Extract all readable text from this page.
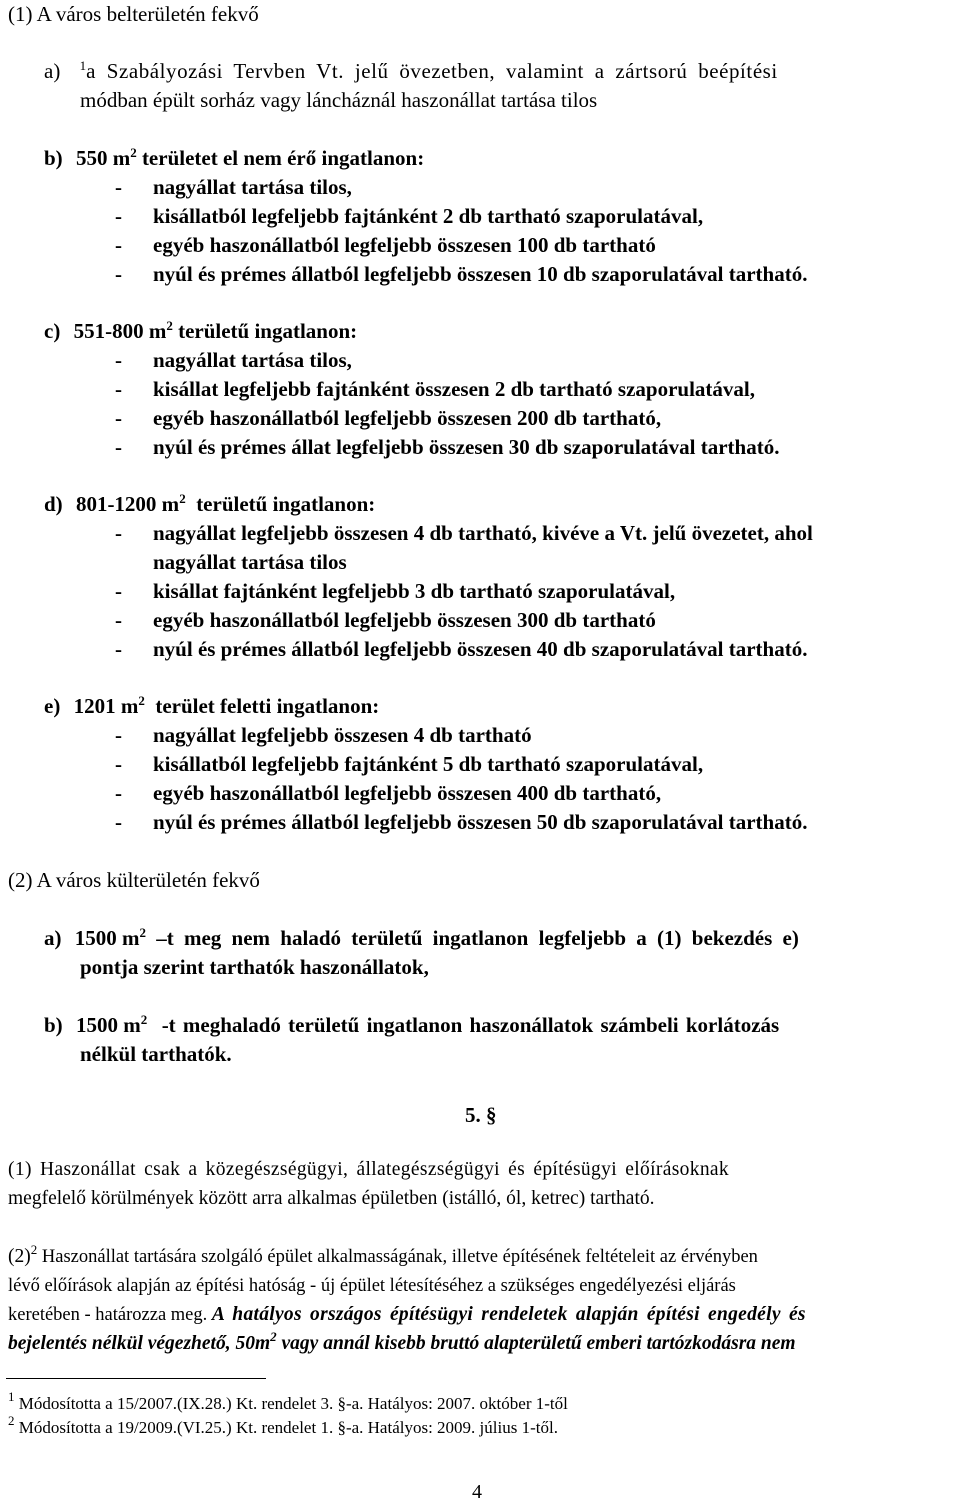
(1) A város belterületén fekvő
a) $^1$a Szabályozási Tervben Vt. jelű övezetben, valamint a zártsorú beépítési
módban épült sorház vagy láncháznál haszonállat tartása tilos
b) 550 $m^2$ területet el nem érő ingatlanon:
- nagyállat tartása tilos,
- kisállatból legfeljebb fajtánként 2 db tartható szaporulatával,
- egyéb haszonállatból legfeljebb összesen 100 db tartható
- nyúl és prémes állatból legfeljebb összesen 10 db szaporulatával tartható.
c) 551-800 $m^2$ területű ingatlanon:
- nagyállat tartása tilos,
- kisállat legfeljebb fajtánként összesen 2 db tartható szaporulatával,
- egyéb haszonállatból legfeljebb összesen 200 db tartható,
- nyúl és prémes állat legfeljebb összesen 30 db szaporulatával tartható.
d) 801-1200 $m^2$  területű ingatlanon:
- nagyállat legfeljebb összesen 4 db tartható, kivéve a Vt. jelű övezetet, ahol
nagyállat tartása tilos
- kisállat fajtánként legfeljebb 3 db tartható szaporulatával,
- egyéb haszonállatból legfeljebb összesen 300 db tartható
- nyúl és prémes állatból legfeljebb összesen 40 db szaporulatával tartható.
e) 1201 $m^2$  terület feletti ingatlanon:
- nagyállat legfeljebb összesen 4 db tartható
- kisállatból legfeljebb fajtánként 5 db tartható szaporulatával,
- egyéb haszonállatból legfeljebb összesen 400 db tartható,
- nyúl és prémes állatból legfeljebb összesen 50 db szaporulatával tartható.
(2) A város külterületén fekvő
a) 1500 $m^2$ –t meg nem haladó területű ingatlanon legfeljebb a (1) bekezdés e)
pontja szerint tarthatók haszonállatok,
b) 1500 $m^2$  -t meghaladó területű ingatlanon haszonállatok számbeli korlátozás
nélkül tarthatók.
5. §
(1) Haszonállat csak a közegészségügyi, állategészségügyi és építésügyi előírásoknak
megfelelő körülmények között arra alkalmas épületben (istálló, ól, ketrec) tartható.
$(2)^2$ Haszonállat tartására szolgáló épület alkalmasságának, illetve építésének feltételeit az érvényben
lévő előírások alapján az építési hatóság - új épület létesítéséhez a szükséges engedélyezési eljárás
keretében - határozza meg. A hatályos országos építésügyi rendeletek alapján építési engedély és
bejelentés nélkül végezhető, $50m^2$ vagy annál kisebb bruttó alapterületű emberi tartózkodásra nem
$^1$ Módosította a 15/2007.(IX.28.) Kt. rendelet 3. §-a. Hatályos: 2007. október 1-től
$^2$ Módosította a 19/2009.(VI.25.) Kt. rendelet 1. §-a. Hatályos: 2009. július 1-től.
4
